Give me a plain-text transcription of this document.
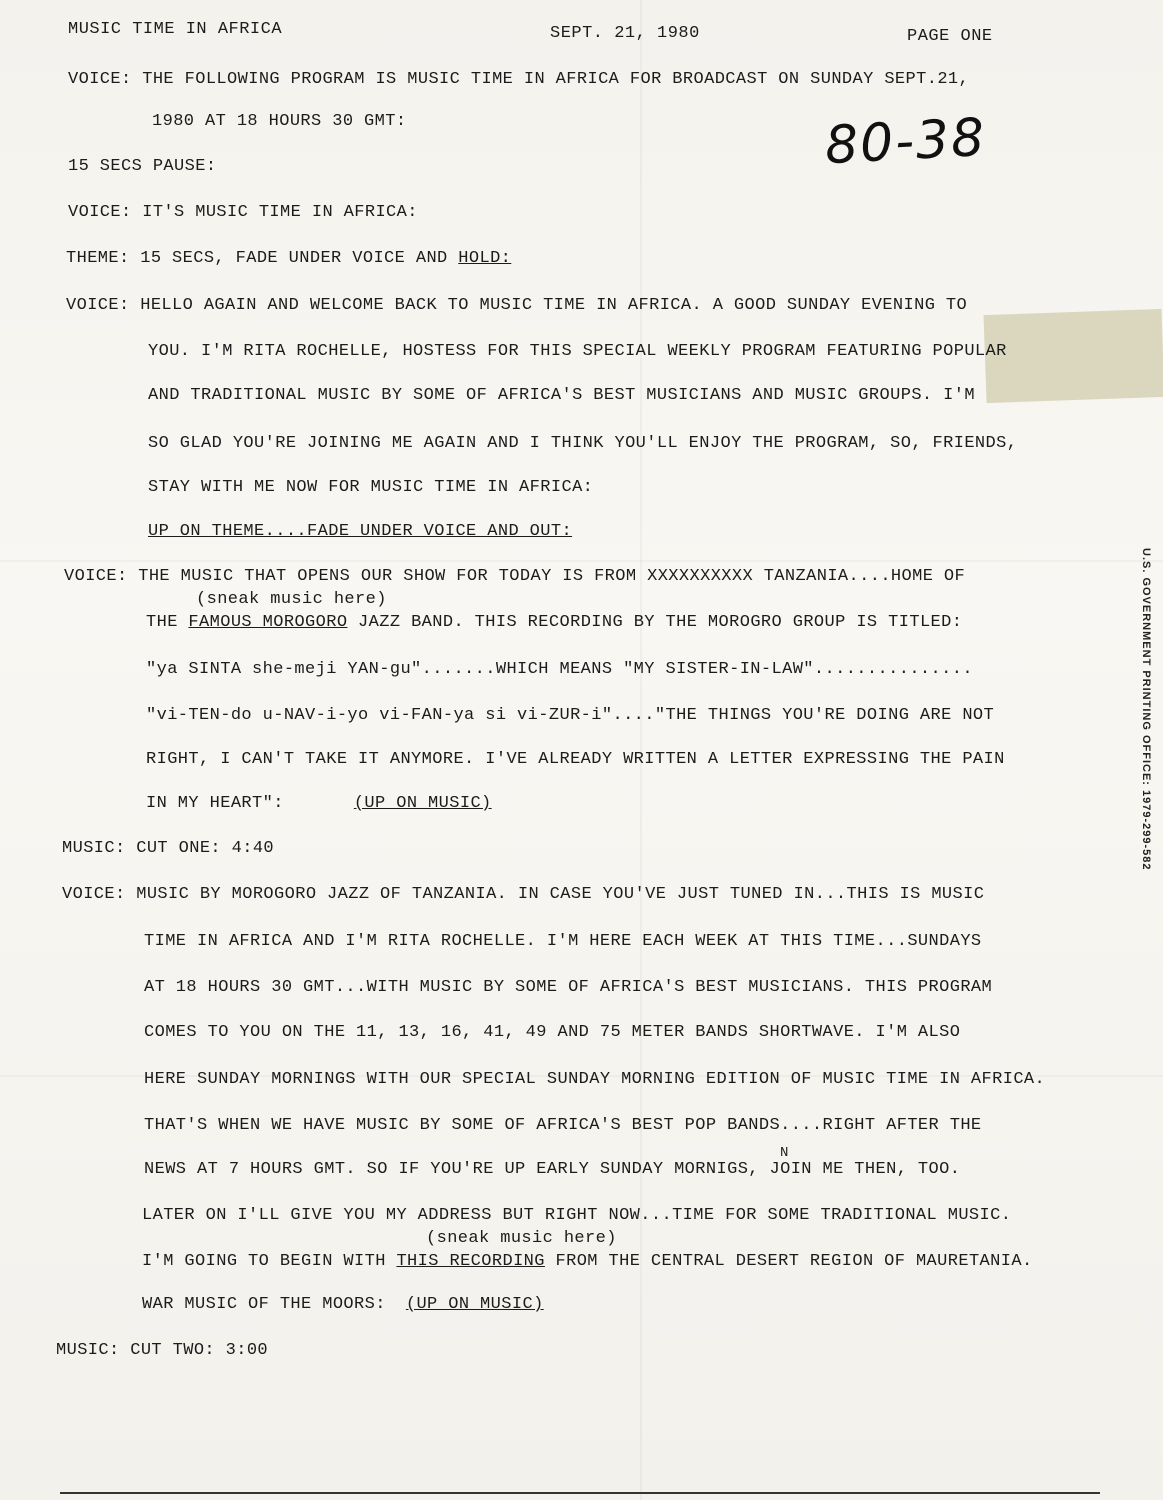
MUSIC TIME IN AFRICA	SEPT. 21, 1980	PAGE ONE
80-38
U.S. GOVERNMENT PRINTING OFFICE: 1979-299-582
VOICE: THE FOLLOWING PROGRAM IS MUSIC TIME IN AFRICA FOR BROADCAST ON SUNDAY SEPT.21,
1980 AT 18 HOURS 30 GMT:
15 SECS PAUSE:
VOICE: IT'S MUSIC TIME IN AFRICA:
THEME: 15 SECS, FADE UNDER VOICE AND HOLD:
VOICE: HELLO AGAIN AND WELCOME BACK TO MUSIC TIME IN AFRICA. A GOOD SUNDAY EVENING TO
YOU. I'M RITA ROCHELLE, HOSTESS FOR THIS SPECIAL WEEKLY PROGRAM FEATURING POPULAR
AND TRADITIONAL MUSIC BY SOME OF AFRICA'S BEST MUSICIANS AND MUSIC GROUPS. I'M
SO GLAD YOU'RE JOINING ME AGAIN AND I THINK YOU'LL ENJOY THE PROGRAM, SO, FRIENDS,
STAY WITH ME NOW FOR MUSIC TIME IN AFRICA:
UP ON THEME....FADE UNDER VOICE AND OUT:
VOICE: THE MUSIC THAT OPENS OUR SHOW FOR TODAY IS FROM XXXXXXXXXX TANZANIA....HOME OF
(sneak music here)
THE FAMOUS MOROGORO JAZZ BAND. THIS RECORDING BY THE MOROGRO GROUP IS TITLED:
"ya SINTA she-meji YAN-gu".......WHICH MEANS "MY SISTER-IN-LAW"...............
"vi-TEN-do u-NAV-i-yo vi-FAN-ya si vi-ZUR-i"...."THE THINGS YOU'RE DOING ARE NOT
RIGHT, I CAN'T TAKE IT ANYMORE. I'VE ALREADY WRITTEN A LETTER EXPRESSING THE PAIN
IN MY HEART":	(UP ON MUSIC)
MUSIC: CUT ONE: 4:40
VOICE: MUSIC BY MOROGORO JAZZ OF TANZANIA. IN CASE YOU'VE JUST TUNED IN...THIS IS MUSIC
TIME IN AFRICA AND I'M RITA ROCHELLE. I'M HERE EACH WEEK AT THIS TIME...SUNDAYS
AT 18 HOURS 30 GMT...WITH MUSIC BY SOME OF AFRICA'S BEST MUSICIANS. THIS PROGRAM
COMES TO YOU ON THE 11, 13, 16, 41, 49 AND 75 METER BANDS SHORTWAVE. I'M ALSO
HERE SUNDAY MORNINGS WITH OUR SPECIAL SUNDAY MORNING EDITION OF MUSIC TIME IN AFRICA.
THAT'S WHEN WE HAVE MUSIC BY SOME OF AFRICA'S BEST POP BANDS....RIGHT AFTER THE
N
NEWS AT 7 HOURS GMT. SO IF YOU'RE UP EARLY SUNDAY MORNIGS, JOIN ME THEN, TOO.
LATER ON I'LL GIVE YOU MY ADDRESS BUT RIGHT NOW...TIME FOR SOME TRADITIONAL MUSIC.
(sneak music here)
I'M GOING TO BEGIN WITH THIS RECORDING FROM THE CENTRAL DESERT REGION OF MAURETANIA.
WAR MUSIC OF THE MOORS: (UP ON MUSIC)
MUSIC: CUT TWO: 3:00
